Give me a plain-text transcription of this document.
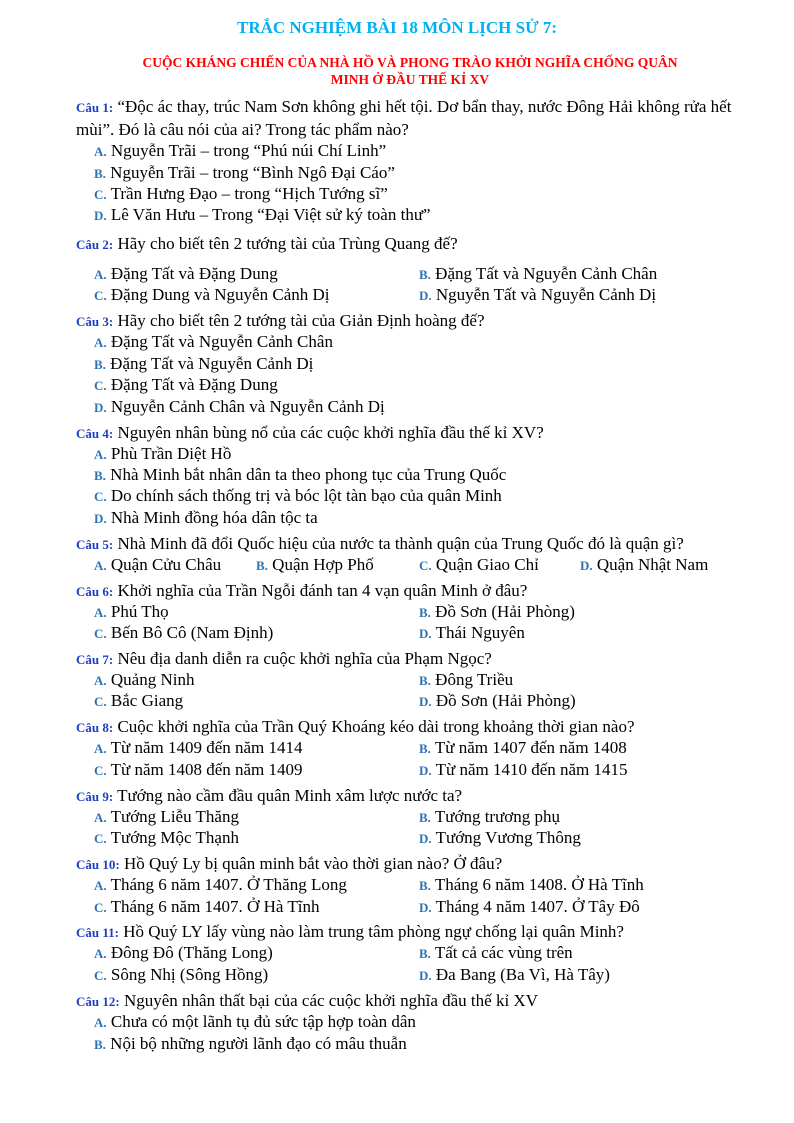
TRẮC NGHIỆM BÀI 18 MÔN LỊCH SỬ 7:
CUỘC KHÁNG CHIẾN CỦA NHÀ HỒ VÀ PHONG TRÀO KHỞI NGHĨA CHỐNG QUÂN
MINH Ở ĐẦU THẾ KỈ XV
Câu 1: “Độc ác thay, trúc Nam Sơn không ghi hết tội. Dơ bẩn thay, nước Đông Hải không rửa hết mùi”. Đó là câu nói của ai? Trong tác phẩm nào?
A. Nguyễn Trãi – trong “Phú núi Chí Linh”
B. Nguyễn Trãi – trong “Bình Ngô Đại Cáo”
C. Trần Hưng Đạo – trong “Hịch Tướng sĩ”
D. Lê Văn Hưu – Trong “Đại Việt sử ký toàn thư”
Câu 2: Hãy cho biết tên 2 tướng tài của Trùng Quang đế?
A. Đặng Tất và Đặng Dung	B. Đặng Tất và Nguyễn Cảnh Chân
C. Đặng Dung và Nguyễn Cảnh Dị	D. Nguyễn Tất và Nguyễn Cảnh Dị
Câu 3: Hãy cho biết tên 2 tướng tài của Giản Định hoàng đế?
A. Đặng Tất và Nguyễn Cảnh Chân
B. Đặng Tất và Nguyễn Cảnh Dị
C. Đặng Tất và Đặng Dung
D. Nguyễn Cảnh Chân và Nguyễn Cảnh Dị
Câu 4: Nguyên nhân bùng nổ của các cuộc khởi nghĩa đầu thế kỉ XV?
A. Phù Trần Diệt Hồ
B. Nhà Minh bắt nhân dân ta theo phong tục của Trung Quốc
C. Do chính sách thống trị và bóc lột tàn bạo của quân Minh
D. Nhà Minh đồng hóa dân tộc ta
Câu 5: Nhà Minh đã đổi Quốc hiệu của nước ta thành quận của Trung Quốc đó là quận gì?
A. Quận Cửu Châu	B. Quận Hợp Phố	C. Quận Giao Chỉ	D. Quận Nhật Nam
Câu 6: Khởi nghĩa của Trần Ngỗi đánh tan 4 vạn quân Minh ở đâu?
A. Phú Thọ	B. Đồ Sơn (Hải Phòng)
C. Bến Bô Cô (Nam Định)	D. Thái Nguyên
Câu 7: Nêu địa danh diễn ra cuộc khởi nghĩa của Phạm Ngọc?
A. Quảng Ninh	B. Đông Triều
C. Bắc Giang	D. Đồ Sơn (Hải Phòng)
Câu 8: Cuộc khởi nghĩa của Trần Quý Khoáng kéo dài trong khoảng thời gian nào?
A. Từ năm 1409 đến năm 1414	B. Từ năm 1407 đến năm 1408
C. Từ năm 1408 đến năm 1409	D. Từ năm 1410 đến năm 1415
Câu 9: Tướng nào cầm đầu quân Minh xâm lược nước ta?
A. Tướng Liễu Thăng	B. Tướng trương phụ
C. Tướng Mộc Thạnh	D. Tướng Vương Thông
Câu 10: Hồ Quý Ly bị quân minh bắt vào thời gian nào? Ở đâu?
A. Tháng 6 năm 1407. Ở Thăng Long	B. Tháng 6 năm 1408. Ở Hà Tĩnh
C. Tháng 6 năm 1407. Ở Hà Tĩnh	D. Tháng 4 năm 1407. Ở Tây Đô
Câu 11: Hồ Quý LY lấy vùng nào làm trung tâm phòng ngự chống lại quân Minh?
A. Đông Đô (Thăng Long)	B. Tất cả các vùng trên
C. Sông Nhị (Sông Hồng)	D. Đa Bang (Ba Vì, Hà Tây)
Câu 12: Nguyên nhân thất bại của các cuộc khởi nghĩa đầu thế kỉ XV
A. Chưa có một lãnh tụ đủ sức tập hợp toàn dân
B. Nội bộ những người lãnh đạo có mâu thuẫn
